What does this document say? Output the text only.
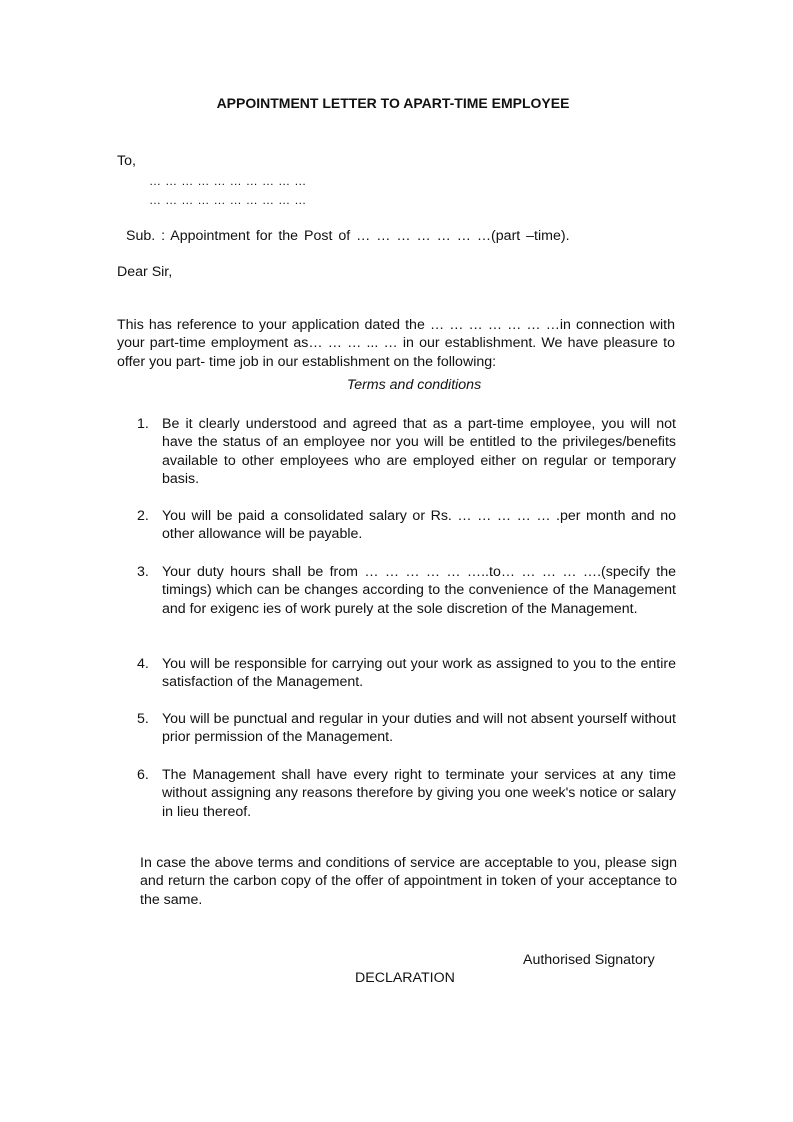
APPOINTMENT LETTER TO APART-TIME EMPLOYEE

To,

… … … … … … … … … …

… … … … … … … … … …

Sub. : Appointment for the Post of … … … … … … …(part –time).

Dear Sir,

This has reference to your application dated the … … … … … … …in connection with your part-time employment as… … … ... … in our establishment. We have pleasure to offer you part- time job in our establishment on the following:

Terms and conditions

1. Be it clearly understood and agreed that as a part-time employee, you will not have the status of an employee nor you will be entitled to the privileges/benefits available to other employees who are employed either on regular or temporary basis.
2. You will be paid a consolidated salary or Rs. … … … … … .per month and no other allowance will be payable.
3. Your duty hours shall be from … … … … … …..to… … … … ….(specify the timings) which can be changes according to the convenience of the Management and for exigenc ies of work purely at the sole discretion of the Management.
4. You will be responsible for carrying out your work as assigned to you to the entire satisfaction of the Management.
5. You will be punctual and regular in your duties and will not absent yourself without prior permission of the Management.
6. The Management shall have every right to terminate your services at any time without assigning any reasons therefore by giving you one week's notice or salary in lieu thereof.

In case the above terms and conditions of service are acceptable to you, please sign and return the carbon copy of the offer of appointment in token of your acceptance to the same.

Authorised Signatory

DECLARATION
